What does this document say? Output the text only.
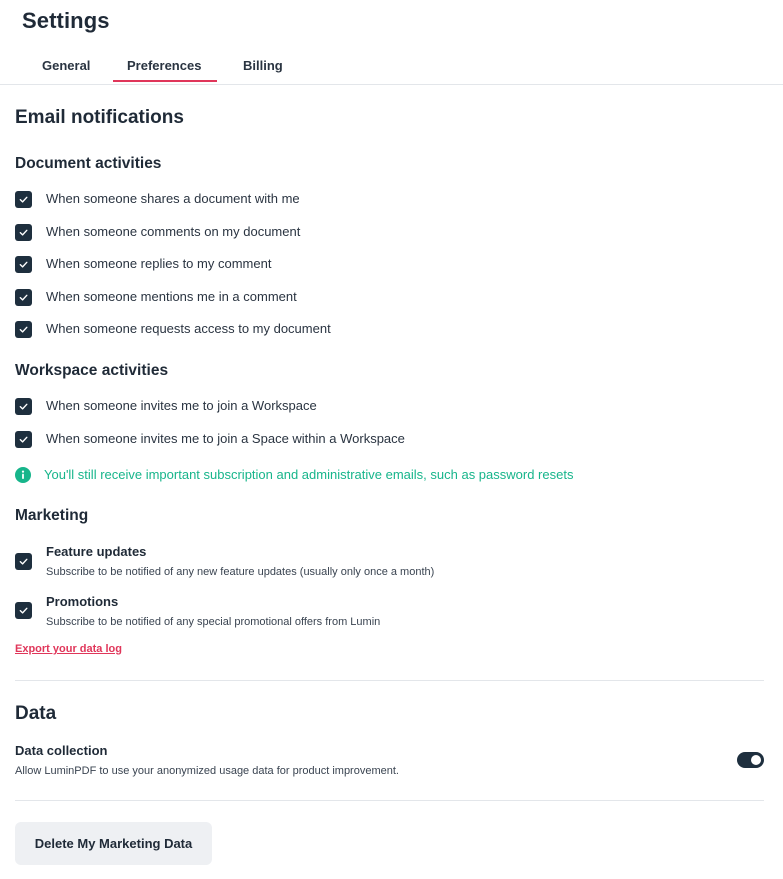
Settings
General	Preferences	Billing
Email notifications
Document activities
When someone shares a document with me
When someone comments on my document
When someone replies to my comment
When someone mentions me in a comment
When someone requests access to my document
Workspace activities
When someone invites me to join a Workspace
When someone invites me to join a Space within a Workspace
You'll still receive important subscription and administrative emails, such as password resets
Marketing
Feature updates
Subscribe to be notified of any new feature updates (usually only once a month)
Promotions
Subscribe to be notified of any special promotional offers from Lumin
Export your data log
Data
Data collection
Allow LuminPDF to use your anonymized usage data for product improvement.
Delete My Marketing Data
